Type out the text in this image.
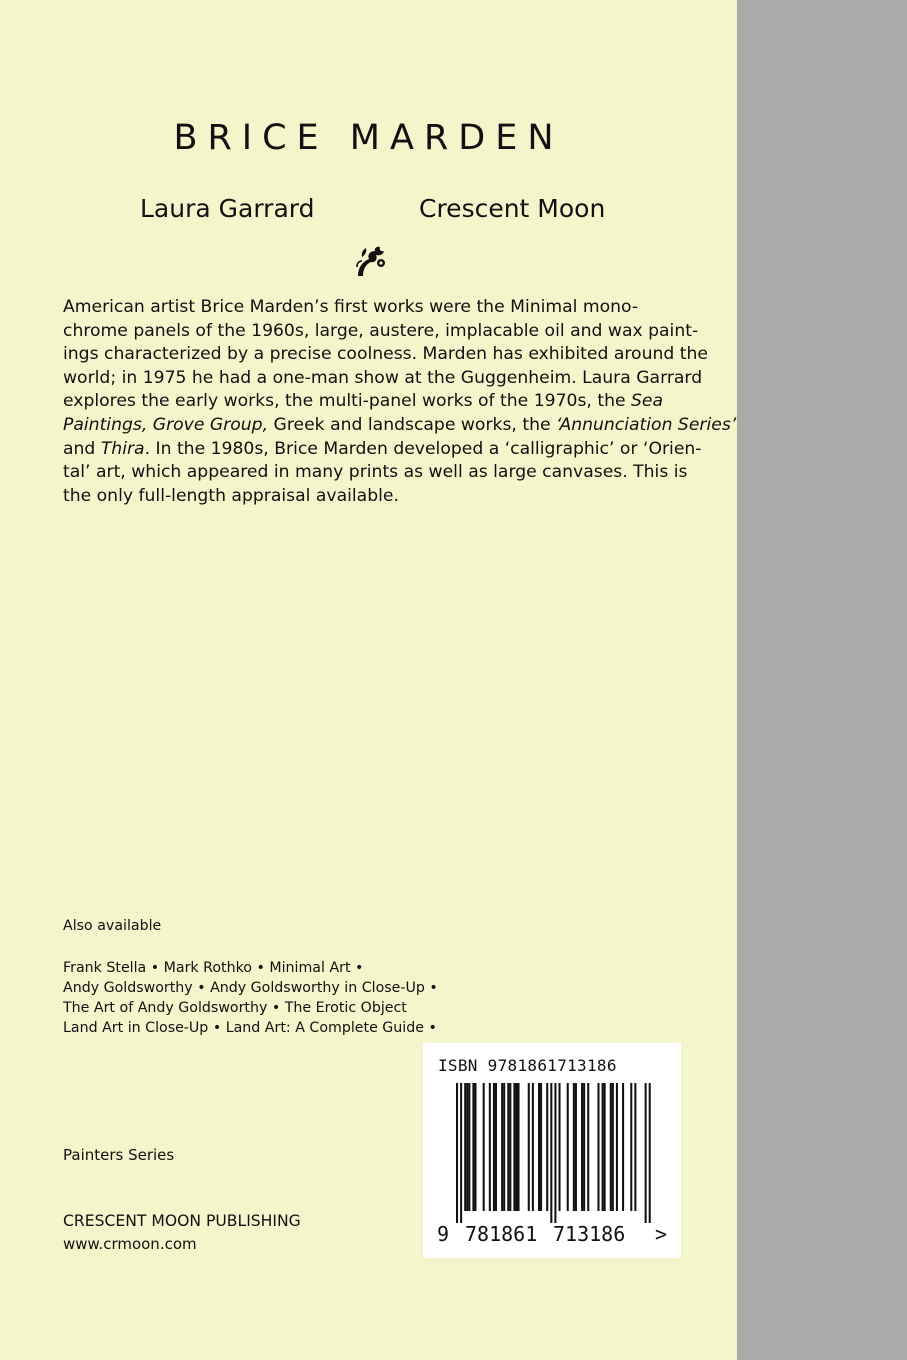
BRICE MARDEN
Laura Garrard	Crescent Moon

American artist Brice Marden’s first works were the Minimal mono-

chrome panels of the 1960s, large, austere, implacable oil and wax paint-

ings characterized by a precise coolness. Marden has exhibited around the

world; in 1975 he had a one-man show at the Guggenheim. Laura Garrard

explores the early works, the multi-panel works of the 1970s, the Sea

Paintings, Grove Group, Greek and landscape works, the ‘Annunciation Series’

and Thira. In the 1980s, Brice Marden developed a ‘calligraphic’ or ‘Orien-

tal’ art, which appeared in many prints as well as large canvases. This is

the only full-length appraisal available.

Also available
Frank Stella • Mark Rothko • Minimal Art •
Andy Goldsworthy • Andy Goldsworthy in Close-Up •
The Art of Andy Goldsworthy • The Erotic Object
Land Art in Close-Up • Land Art: A Complete Guide •
Painters Series
CRESCENT MOON PUBLISHING
www.crmoon.com
ISBN 9781861713186
9 781861 713186 >
